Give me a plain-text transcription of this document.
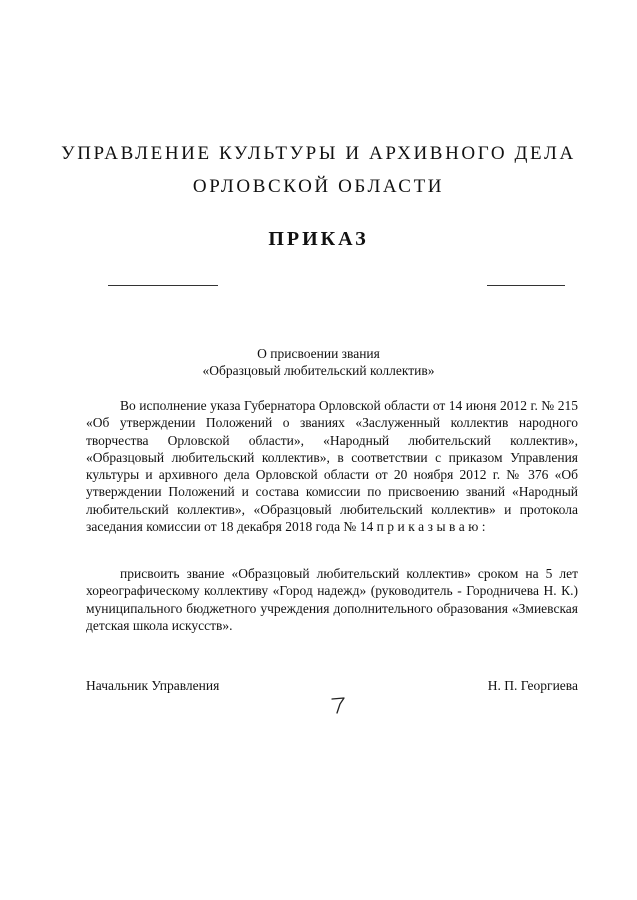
УПРАВЛЕНИЕ КУЛЬТУРЫ И АРХИВНОГО ДЕЛА
ОРЛОВСКОЙ ОБЛАСТИ
ПРИКАЗ
О присвоении звания
«Образцовый любительский коллектив»
Во исполнение указа Губернатора Орловской области от 14 июня 2012 г. № 215 «Об утверждении Положений о званиях «Заслуженный коллектив народного творчества Орловской области», «Народный любительский коллектив», «Образцовый любительский коллектив», в соответствии с приказом Управления культуры и архивного дела Орловской области от 20 ноября 2012 г. № 376 «Об утверждении Положений и состава комиссии по присвоению званий «Народный любительский коллектив», «Образцовый любительский коллектив» и протокола заседания комиссии от 18 декабря 2018 года № 14 приказываю:
присвоить звание «Образцовый любительский коллектив» сроком на 5 лет хореографическому коллективу «Город надежд» (руководитель - Городничева Н. К.) муниципального бюджетного учреждения дополнительного образования «Змиевская детская школа искусств».
Начальник Управления	Н. П. Георгиева
